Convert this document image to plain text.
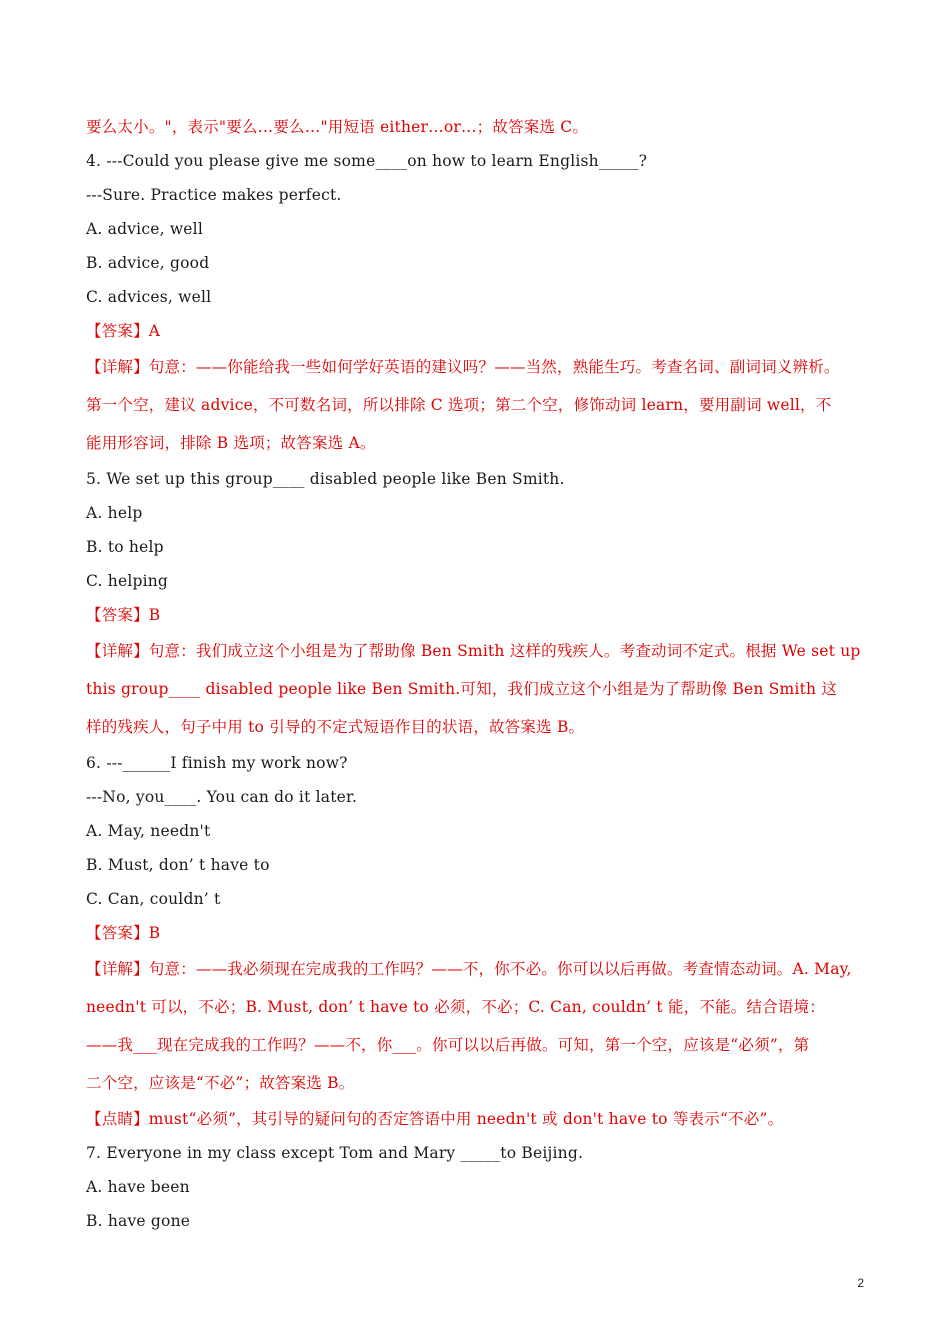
要么太小。"，表示"要么…要么…"用短语 either…or…；故答案选 C。
4. ---Could you please give me some____on how to learn English_____?
---Sure. Practice makes perfect.
A. advice, well
B. advice, good
C. advices, well
【答案】A
【详解】句意：——你能给我一些如何学好英语的建议吗？——当然，熟能生巧。考查名词、副词词义辨析。
第一个空，建议 advice，不可数名词，所以排除 C 选项；第二个空，修饰动词 learn，要用副词 well，不
能用形容词，排除 B 选项；故答案选 A。
5. We set up this group____ disabled people like Ben Smith.
A. help
B. to help
C. helping
【答案】B
【详解】句意：我们成立这个小组是为了帮助像 Ben Smith 这样的残疾人。考查动词不定式。根据 We set up
this group____ disabled people like Ben Smith.可知，我们成立这个小组是为了帮助像 Ben Smith 这
样的残疾人，句子中用 to 引导的不定式短语作目的状语，故答案选 B。
6. ---______I finish my work now?
---No, you____. You can do it later.
A. May, needn't
B. Must, don’ t have to
C. Can, couldn’ t
【答案】B
【详解】句意：——我必须现在完成我的工作吗？——不，你不必。你可以以后再做。考查情态动词。A. May,
needn't 可以，不必；B. Must, don’ t have to 必须，不必；C. Can, couldn’ t 能，不能。结合语境：
——我___现在完成我的工作吗？——不，你___。你可以以后再做。可知，第一个空，应该是“必须”，第
二个空，应该是“不必”；故答案选 B。
【点睛】must“必须”，其引导的疑问句的否定答语中用 needn't 或 don't have to 等表示“不必”。
7. Everyone in my class except Tom and Mary _____to Beijing.
A. have been
B. have gone
2
